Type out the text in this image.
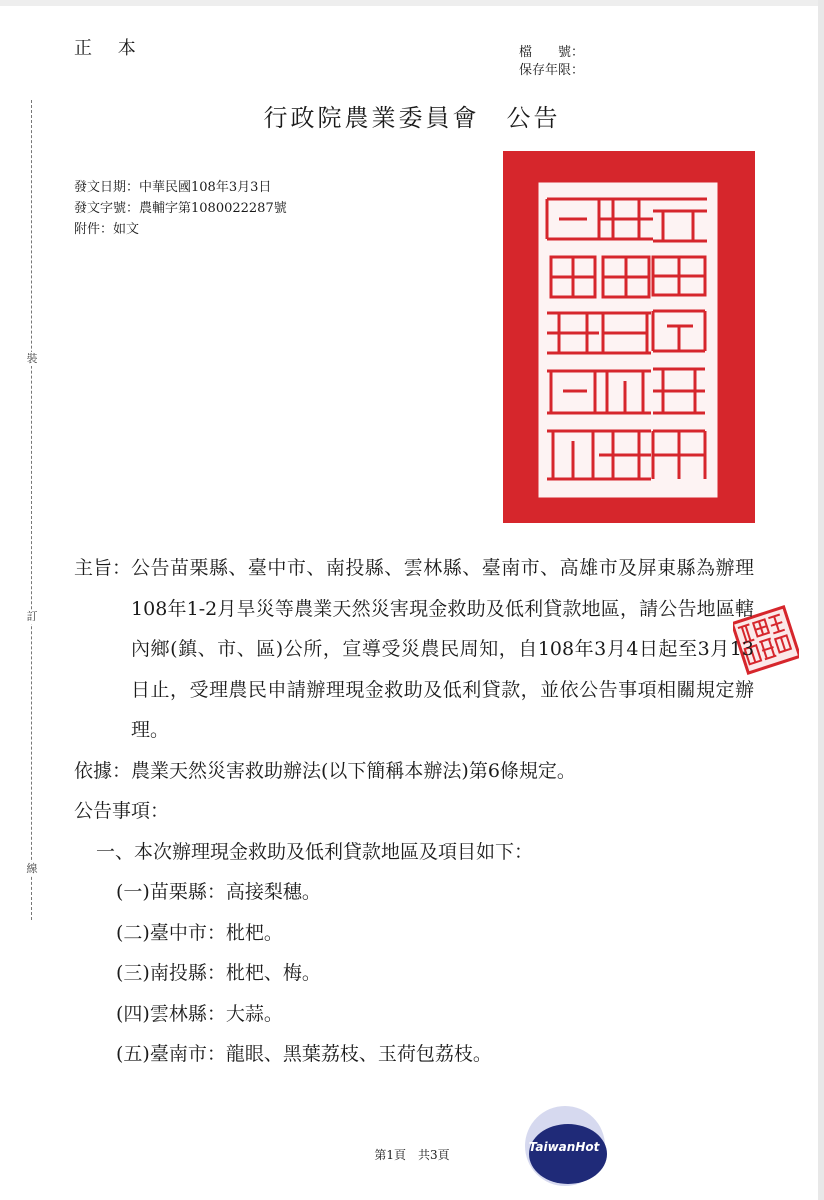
裝
訂
線
正 本	檔　　號：
保存年限：
行政院農業委員會　公告
發文日期：中華民國108年3月3日
發文字號：農輔字第1080022287號
附件：如文
主旨： 公告苗栗縣、臺中市、南投縣、雲林縣、臺南市、高雄市及屏東縣為辦理108年1-2月旱災等農業天然災害現金救助及低利貸款地區，請公告地區轄內鄉(鎮、市、區)公所，宣導受災農民周知，自108年3月4日起至3月13日止，受理農民申請辦理現金救助及低利貸款，並依公告事項相關規定辦理。
依據： 農業天然災害救助辦法(以下簡稱本辦法)第6條規定。
公告事項：
一、本次辦理現金救助及低利貸款地區及項目如下：
(一)苗栗縣：高接梨穗。
(二)臺中市：枇杷。
(三)南投縣：枇杷、梅。
(四)雲林縣：大蒜。
(五)臺南市：龍眼、黑葉荔枝、玉荷包荔枝。
第1頁　共3頁
TaiwanHot
